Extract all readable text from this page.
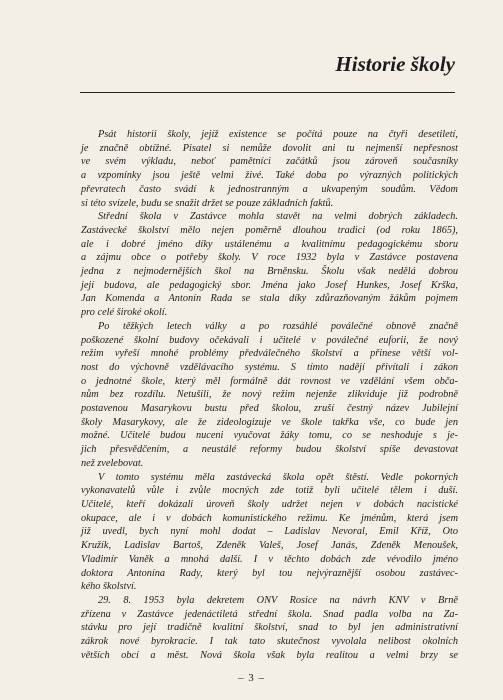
Historie školy
Psát historii školy, jejíž existence se počítá pouze na čtyři desetiletí,
je značně obtížné. Pisatel si nemůže dovolit ani tu nejmenší nepřesnost
ve svém výkladu, neboť pamětníci začátků jsou zároveň současníky
a vzpomínky jsou ještě velmi živé. Také doba po výrazných politických
převratech často svádí k jednostranným a ukvapeným soudům. Vědom
si této svízele, budu se snažit držet se pouze základních faktů.
Střední škola v Zastávce mohla stavět na velmi dobrých základech.
Zastávecké školství mělo nejen poměrně dlouhou tradici (od roku 1865),
ale i dobré jméno díky ustálenému a kvalitnímu pedagogickému sboru
a zájmu obce o potřeby školy. V roce 1932 byla v Zastávce postavena
jedna z nejmodernějších škol na Brněnsku. Školu však nedělá dobrou
její budova, ale pedagogický sbor. Jména jako Josef Hunkes, Josef Krška,
Jan Komenda a Antonín Rada se stala díky zdůrazňovaným žákům pojmem
pro celé široké okolí.
Po těžkých letech války a po rozsáhlé poválečné obnově značně
poškozené školní budovy očekávali i učitelé v poválečné euforii, že nový
režim vyřeší mnohé problémy předválečného školství a přinese větší vol-
nost do výchovně vzdělávacího systému. S tímto nadějí přivítali i zákon
o jednotné škole, který měl formálně dát rovnost ve vzdělání všem obča-
nům bez rozdílu. Netušili, že nový režim nejenže zlikviduje již podrobně
postavenou Masarykovu bustu před školou, zruší čestný název Jubilejní
školy Masarykovy, ale že zideologizuje ve škole takřka vše, co bude jen
možné. Učitelé budou nuceni vyučovat žáky tomu, co se neshoduje s je-
jich přesvědčením, a neustálé reformy budou školství spíše devastovat
než zvelebovat.
V tomto systému měla zastávecká škola opět štěstí. Vedle pokorných
vykonavatelů vůle i zvůle mocných zde totiž byli učitelé tělem i duší.
Učitelé, kteří dokázali úroveň školy udržet nejen v dobách nacistické
okupace, ale i v dobách komunistického režimu. Ke jménům, která jsem
již uvedl, bych nyní mohl dodat – Ladislav Nevoral, Emil Kříž, Oto
Kružík, Ladislav Bartoš, Zdeněk Valeš, Josef Janás, Zdeněk Menoušek,
Vladimír Vaněk a mnohá další. I v těchto dobách zde vévodilo jméno
doktora Antonína Rady, který byl tou nejvýraznější osobou zastávec-
kého školství.
29. 8. 1953 byla dekretem ONV Rosice na návrh KNV v Brně
zřízena v Zastávce jedenáctiletá střední škola. Snad padla volba na Za-
stávku pro její tradičně kvalitní školství, snad to byl jen administrativní
zákrok nové byrokracie. I tak tato skutečnost vyvolala nelibost okolních
větších obcí a měst. Nová škola však byla realitou a velmi brzy se
– 3 –
